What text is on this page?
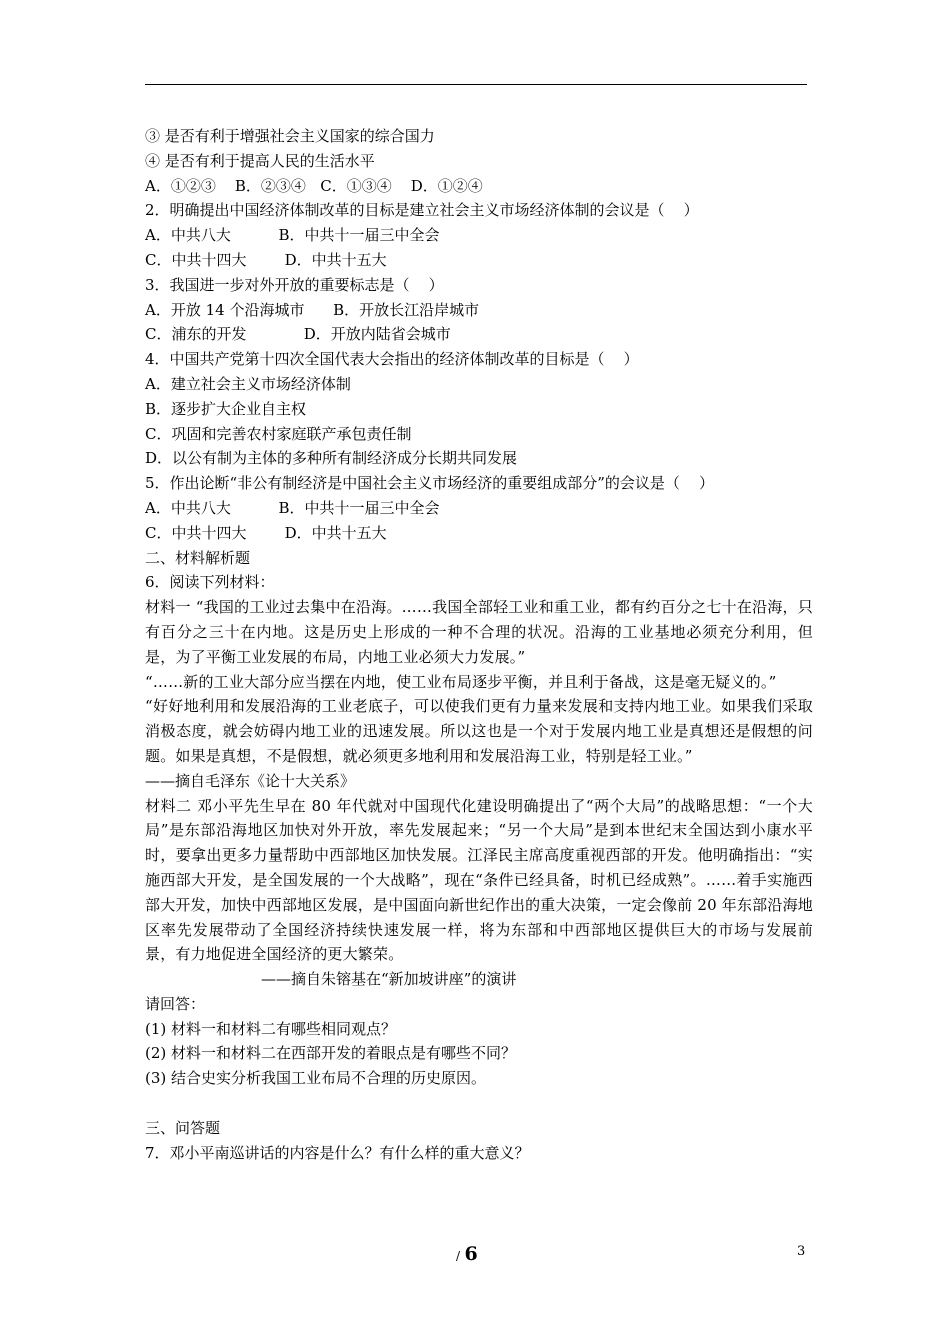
③ 是否有利于增强社会主义国家的综合国力
④ 是否有利于提高人民的生活水平
A．①②③    B．②③④   C．①③④    D．①②④
2．明确提出中国经济体制改革的目标是建立社会主义市场经济体制的会议是（    ）
A．中共八大          B．中共十一届三中全会
C．中共十四大        D．中共十五大
3．我国进一步对外开放的重要标志是（    ）
A．开放 14 个沿海城市      B．开放长江沿岸城市
C．浦东的开发            D．开放内陆省会城市
4．中国共产党第十四次全国代表大会指出的经济体制改革的目标是（    ）
A．建立社会主义市场经济体制
B．逐步扩大企业自主权
C．巩固和完善农村家庭联产承包责任制
D．以公有制为主体的多种所有制经济成分长期共同发展
5．作出论断“非公有制经济是中国社会主义市场经济的重要组成部分”的会议是（    ）
A．中共八大          B．中共十一届三中全会
C．中共十四大        D．中共十五大
二、材料解析题
6．阅读下列材料：
材料一 “我国的工业过去集中在沿海。……我国全部轻工业和重工业，都有约百分之七十在沿海，只有百分之三十在内地。这是历史上形成的一种不合理的状况。沿海的工业基地必须充分利用，但是，为了平衡工业发展的布局，内地工业必须大力发展。”
“……新的工业大部分应当摆在内地，使工业布局逐步平衡，并且利于备战，这是毫无疑义的。”
“好好地利用和发展沿海的工业老底子，可以使我们更有力量来发展和支持内地工业。如果我们采取消极态度，就会妨碍内地工业的迅速发展。所以这也是一个对于发展内地工业是真想还是假想的问题。如果是真想，不是假想，就必须更多地利用和发展沿海工业，特别是轻工业。”
——摘自毛泽东《论十大关系》
材料二 邓小平先生早在 80 年代就对中国现代化建设明确提出了“两个大局”的战略思想：“一个大局”是东部沿海地区加快对外开放，率先发展起来；“另一个大局”是到本世纪末全国达到小康水平时，要拿出更多力量帮助中西部地区加快发展。江泽民主席高度重视西部的开发。他明确指出：“实施西部大开发，是全国发展的一个大战略”，现在“条件已经具备，时机已经成熟”。……着手实施西部大开发，加快中西部地区发展，是中国面向新世纪作出的重大决策，一定会像前 20 年东部沿海地区率先发展带动了全国经济持续快速发展一样，将为东部和中西部地区提供巨大的市场与发展前景，有力地促进全国经济的更大繁荣。
——摘自朱镕基在“新加坡讲座”的演讲
请回答：
(1) 材料一和材料二有哪些相同观点？
(2) 材料一和材料二在西部开发的着眼点是有哪些不同？
(3) 结合史实分析我国工业布局不合理的历史原因。
三、问答题
7．邓小平南巡讲话的内容是什么？有什么样的重大意义？
/ 6	3
